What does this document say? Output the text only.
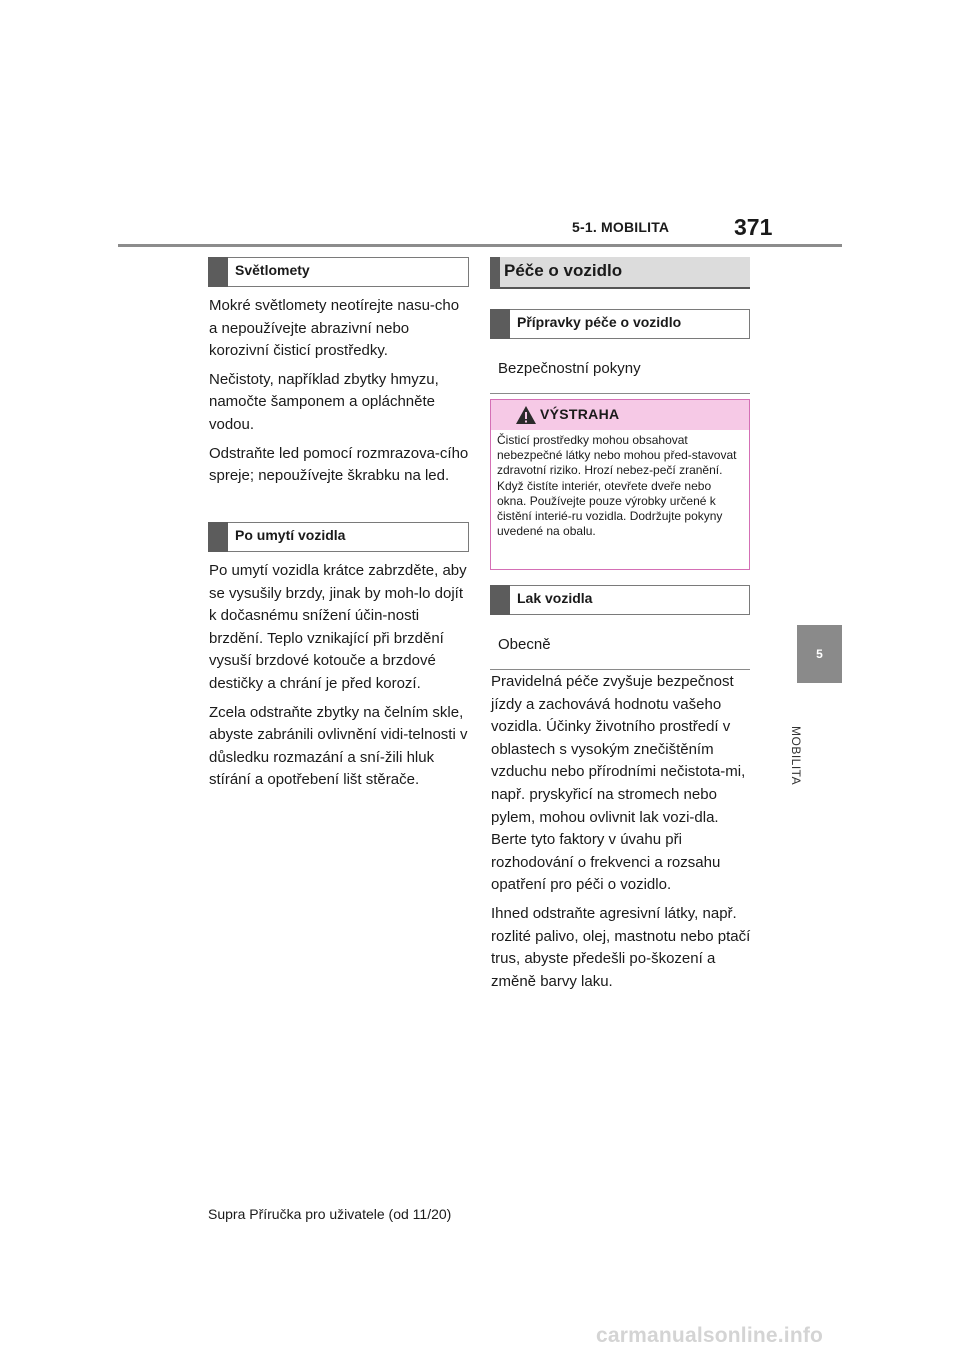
5-1. MOBILITA	371
5
MOBILITA
Světlomety

Mokré světlomety neotírejte nasu-cho a nepoužívejte abrazivní nebo korozivní čisticí prostředky.

Nečistoty, například zbytky hmyzu, namočte šamponem a opláchněte vodou.

Odstraňte led pomocí rozmrazova-cího spreje; nepoužívejte škrabku na led.

Po umytí vozidla

Po umytí vozidla krátce zabrzděte, aby se vysušily brzdy, jinak by moh-lo dojít k dočasnému snížení účin-nosti brzdění. Teplo vznikající při brzdění vysuší brzdové kotouče a brzdové destičky a chrání je před korozí.

Zcela odstraňte zbytky na čelním skle, abyste zabránili ovlivnění vidi-telnosti v důsledku rozmazání a sní-žili hluk stírání a opotřebení lišt stěrače.

Péče o vozidlo
Přípravky péče o vozidlo
Bezpečnostní pokyny
VÝSTRAHA
Čisticí prostředky mohou obsahovat nebezpečné látky nebo mohou před-stavovat zdravotní riziko. Hrozí nebez-pečí zranění. Když čistíte interiér, otevřete dveře nebo okna. Používejte pouze výrobky určené k čistění interié-ru vozidla. Dodržujte pokyny uvedené na obalu.
Lak vozidla
Obecně

Pravidelná péče zvyšuje bezpečnost jízdy a zachovává hodnotu vašeho vozidla. Účinky životního prostředí v oblastech s vysokým znečištěním vzduchu nebo přírodními nečistota-mi, např. pryskyřicí na stromech nebo pylem, mohou ovlivnit lak vozi-dla. Berte tyto faktory v úvahu při rozhodování o frekvenci a rozsahu opatření pro péči o vozidlo.

Ihned odstraňte agresivní látky, např. rozlité palivo, olej, mastnotu nebo ptačí trus, abyste předešli po-škození a změně barvy laku.

Supra Příručka pro uživatele (od 11/20)
carmanualsonline.info
